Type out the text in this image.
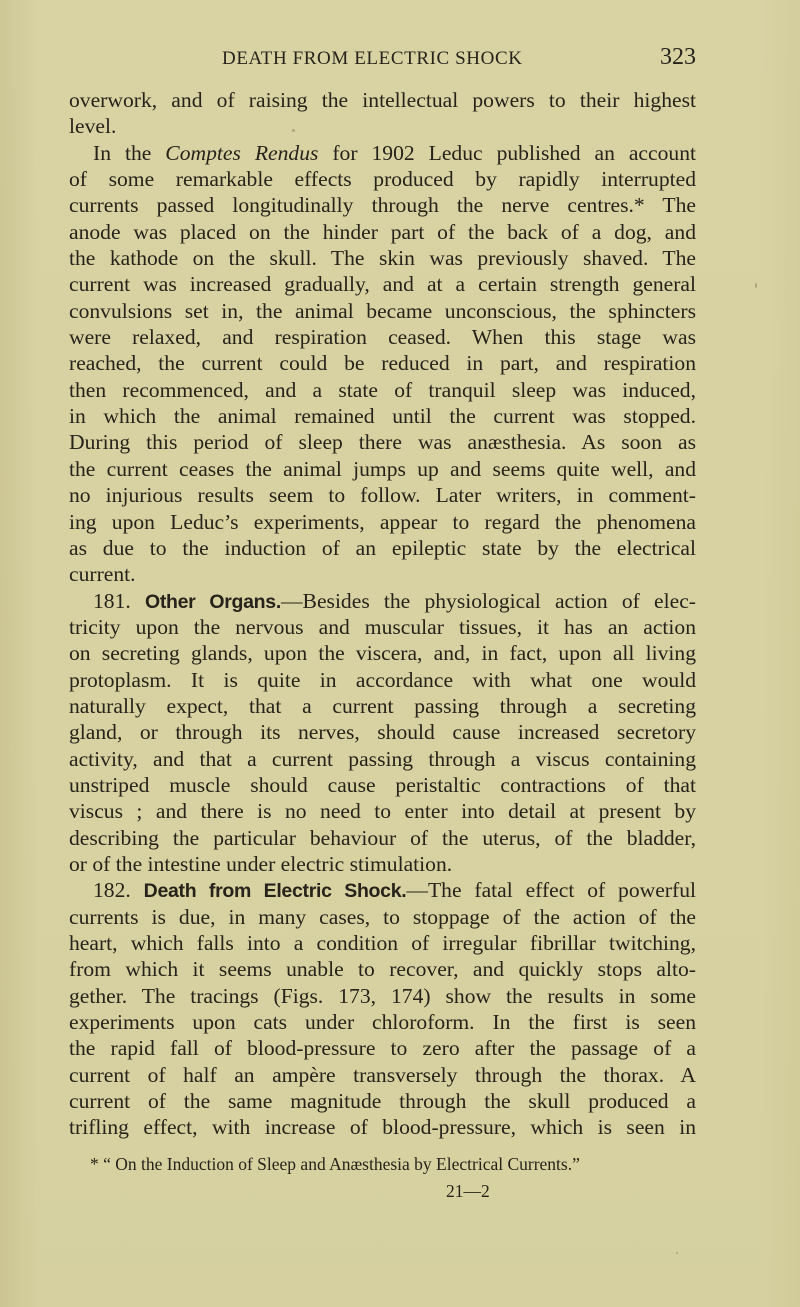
DEATH FROM ELECTRIC SHOCK	323
overwork, and of raising the intellectual powers to their highest
level.
In the Comptes Rendus for 1902 Leduc published an account
of some remarkable effects produced by rapidly interrupted
currents passed longitudinally through the nerve centres.* The
anode was placed on the hinder part of the back of a dog, and
the kathode on the skull. The skin was previously shaved. The
current was increased gradually, and at a certain strength general
convulsions set in, the animal became unconscious, the sphincters
were relaxed, and respiration ceased. When this stage was
reached, the current could be reduced in part, and respiration
then recommenced, and a state of tranquil sleep was induced,
in which the animal remained until the current was stopped.
During this period of sleep there was anæsthesia. As soon as
the current ceases the animal jumps up and seems quite well, and
no injurious results seem to follow. Later writers, in comment-
ing upon Leduc’s experiments, appear to regard the phenomena
as due to the induction of an epileptic state by the electrical
current.
181. Other Organs.—Besides the physiological action of elec-
tricity upon the nervous and muscular tissues, it has an action
on secreting glands, upon the viscera, and, in fact, upon all living
protoplasm. It is quite in accordance with what one would
naturally expect, that a current passing through a secreting
gland, or through its nerves, should cause increased secretory
activity, and that a current passing through a viscus containing
unstriped muscle should cause peristaltic contractions of that
viscus ; and there is no need to enter into detail at present by
describing the particular behaviour of the uterus, of the bladder,
or of the intestine under electric stimulation.
182. Death from Electric Shock.—The fatal effect of powerful
currents is due, in many cases, to stoppage of the action of the
heart, which falls into a condition of irregular fibrillar twitching,
from which it seems unable to recover, and quickly stops alto-
gether. The tracings (Figs. 173, 174) show the results in some
experiments upon cats under chloroform. In the first is seen
the rapid fall of blood-pressure to zero after the passage of a
current of half an ampère transversely through the thorax. A
current of the same magnitude through the skull produced a
trifling effect, with increase of blood-pressure, which is seen in
* “ On the Induction of Sleep and Anæsthesia by Electrical Currents.”
21—2
